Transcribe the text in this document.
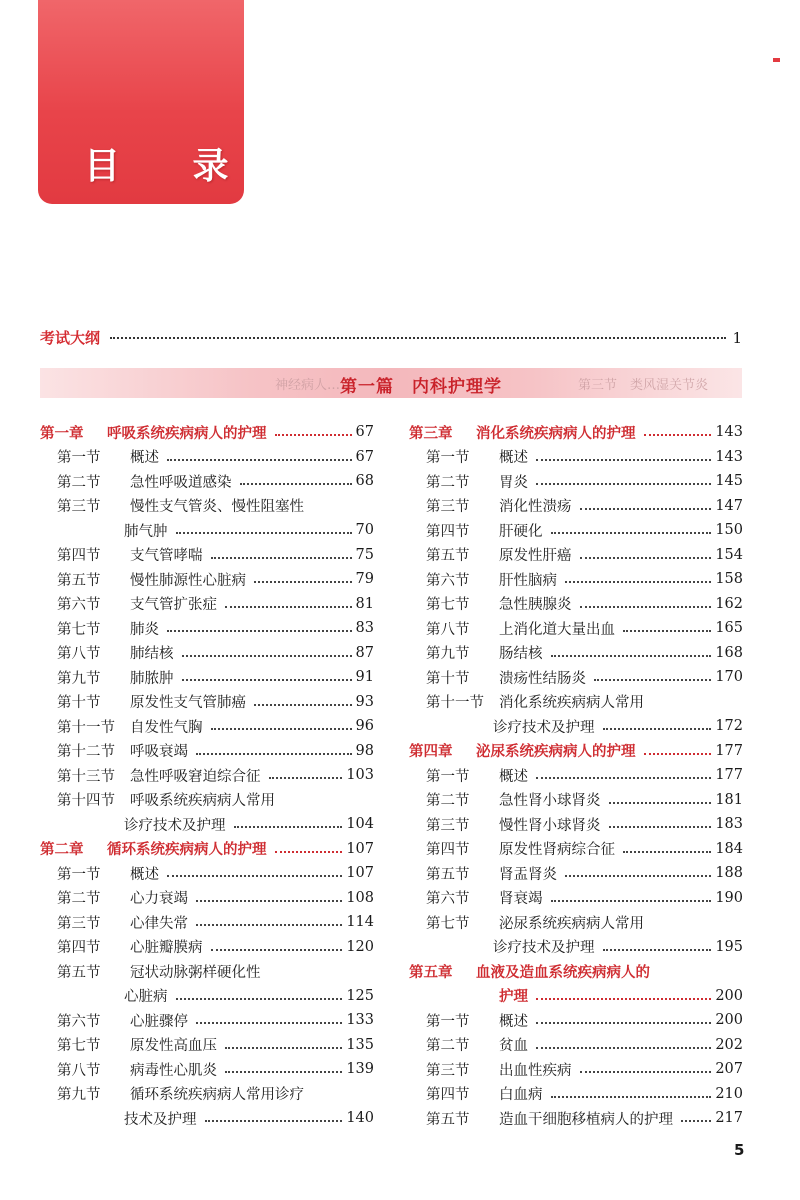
目 录
考试大纲	1
神经病人…	第三节　类风湿关节炎
第一篇　内科护理学
第一章	呼吸系统疾病病人的护理	67
第一节	概述	67
第二节	急性呼吸道感染	68
第三节	慢性支气管炎、慢性阻塞性
肺气肿	70
第四节	支气管哮喘	75
第五节	慢性肺源性心脏病	79
第六节	支气管扩张症	81
第七节	肺炎	83
第八节	肺结核	87
第九节	肺脓肿	91
第十节	原发性支气管肺癌	93
第十一节	自发性气胸	96
第十二节	呼吸衰竭	98
第十三节	急性呼吸窘迫综合征	103
第十四节	呼吸系统疾病病人常用
诊疗技术及护理	104
第二章	循环系统疾病病人的护理	107
第一节	概述	107
第二节	心力衰竭	108
第三节	心律失常	114
第四节	心脏瓣膜病	120
第五节	冠状动脉粥样硬化性
心脏病	125
第六节	心脏骤停	133
第七节	原发性高血压	135
第八节	病毒性心肌炎	139
第九节	循环系统疾病病人常用诊疗
技术及护理	140
第三章	消化系统疾病病人的护理	143
第一节	概述	143
第二节	胃炎	145
第三节	消化性溃疡	147
第四节	肝硬化	150
第五节	原发性肝癌	154
第六节	肝性脑病	158
第七节	急性胰腺炎	162
第八节	上消化道大量出血	165
第九节	肠结核	168
第十节	溃疡性结肠炎	170
第十一节	消化系统疾病病人常用
诊疗技术及护理	172
第四章	泌尿系统疾病病人的护理	177
第一节	概述	177
第二节	急性肾小球肾炎	181
第三节	慢性肾小球肾炎	183
第四节	原发性肾病综合征	184
第五节	肾盂肾炎	188
第六节	肾衰竭	190
第七节	泌尿系统疾病病人常用
诊疗技术及护理	195
第五章	血液及造血系统疾病病人的
护理	200
第一节	概述	200
第二节	贫血	202
第三节	出血性疾病	207
第四节	白血病	210
第五节	造血干细胞移植病人的护理	217
5
